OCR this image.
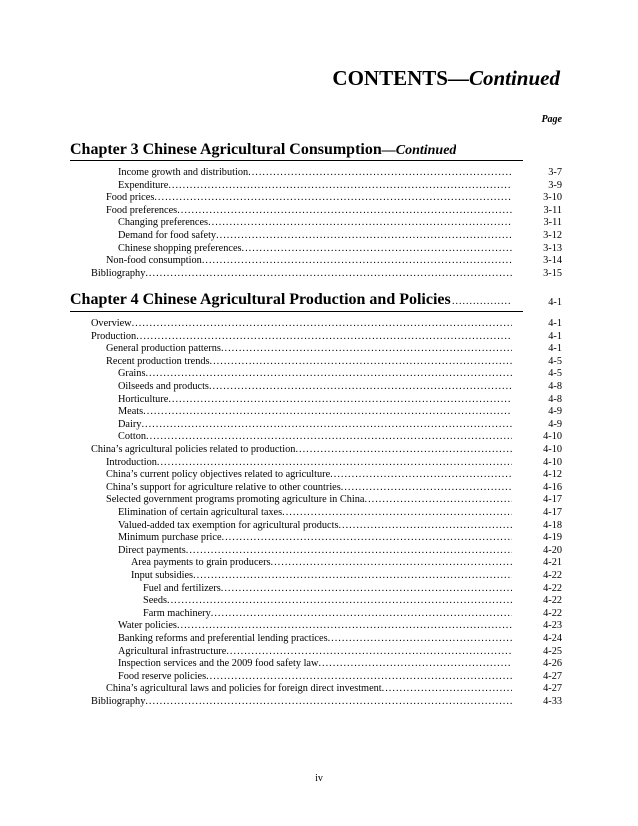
CONTENTS—Continued
Page
Chapter 3 Chinese Agricultural Consumption—Continued
Income growth and distribution .....	3-7
Expenditure .....	3-9
Food prices .....	3-10
Food preferences .....	3-11
Changing preferences .....	3-11
Demand for food safety .....	3-12
Chinese shopping preferences .....	3-13
Non-food consumption .....	3-14
Bibliography .....	3-15
Chapter 4 Chinese Agricultural Production and Policies .....	4-1
Overview .....	4-1
Production .....	4-1
General production patterns .....	4-1
Recent production trends .....	4-5
Grains .....	4-5
Oilseeds and products .....	4-8
Horticulture .....	4-8
Meats .....	4-9
Dairy .....	4-9
Cotton .....	4-10
China’s agricultural policies related to production .....	4-10
Introduction .....	4-10
China’s current policy objectives related to agriculture .....	4-12
China’s support for agriculture relative to other countries .....	4-16
Selected government programs promoting agriculture in China .....	4-17
Elimination of certain agricultural taxes .....	4-17
Valued-added tax exemption for agricultural products .....	4-18
Minimum purchase price .....	4-19
Direct payments .....	4-20
Area payments to grain producers .....	4-21
Input subsidies .....	4-22
Fuel and fertilizers .....	4-22
Seeds .....	4-22
Farm machinery .....	4-22
Water policies .....	4-23
Banking reforms and preferential lending practices .....	4-24
Agricultural infrastructure .....	4-25
Inspection services and the 2009 food safety law .....	4-26
Food reserve policies .....	4-27
China’s agricultural laws and policies for foreign direct investment .....	4-27
Bibliography .....	4-33
iv
